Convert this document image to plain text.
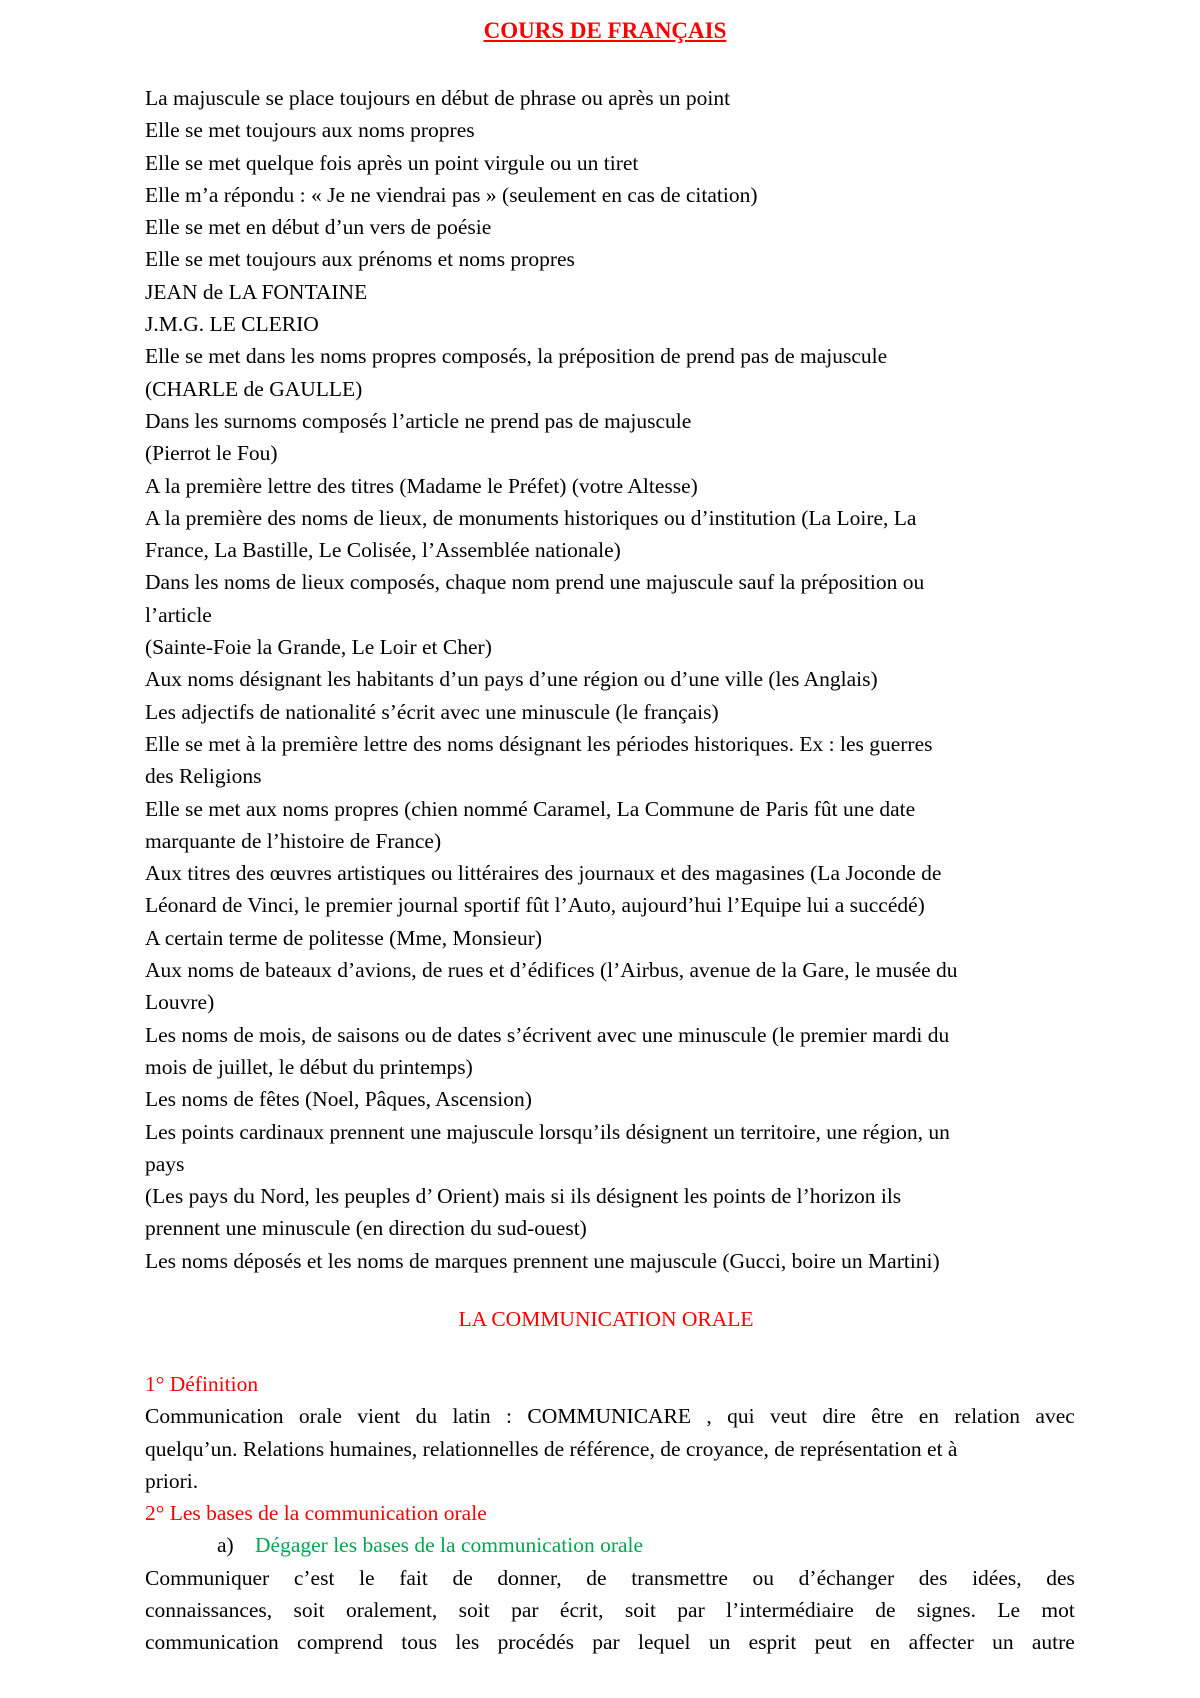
COURS DE FRANÇAIS
La majuscule se place toujours en début de phrase ou après un point
Elle se met toujours aux noms propres
Elle se met quelque fois après un point virgule ou un tiret
Elle m’a répondu : « Je ne viendrai pas » (seulement en cas de citation)
Elle se met en début d’un vers de poésie
Elle se met toujours aux prénoms et noms propres
JEAN de LA FONTAINE
J.M.G. LE CLERIO
Elle se met dans les noms propres composés, la préposition de prend pas de majuscule
(CHARLE de GAULLE)
Dans les surnoms composés l’article ne prend pas de majuscule
(Pierrot le Fou)
A la première lettre des titres (Madame le Préfet) (votre Altesse)
A la première des noms de lieux, de monuments historiques ou d’institution (La Loire, La
France, La Bastille, Le Colisée, l’Assemblée nationale)
Dans les noms de lieux composés, chaque nom prend une majuscule sauf la préposition ou
l’article
(Sainte-Foie la Grande, Le Loir et Cher)
Aux noms désignant les habitants d’un pays d’une région ou d’une ville (les Anglais)
Les adjectifs de nationalité s’écrit avec une minuscule (le français)
Elle se met à la première lettre des noms désignant les périodes historiques. Ex : les guerres
des Religions
Elle se met aux noms propres (chien nommé Caramel, La Commune de Paris fût une date
marquante de l’histoire de France)
Aux titres des œuvres artistiques ou littéraires des journaux et des magasines (La Joconde de
Léonard de Vinci, le premier journal sportif fût l’Auto, aujourd’hui l’Equipe lui a succédé)
A certain terme de politesse (Mme, Monsieur)
Aux noms de bateaux d’avions, de rues et d’édifices (l’Airbus, avenue de la Gare, le musée du
Louvre)
Les noms de mois, de saisons ou de dates s’écrivent avec une minuscule (le premier mardi du
mois de juillet, le début du printemps)
Les noms de fêtes (Noel, Pâques, Ascension)
Les points cardinaux prennent une majuscule lorsqu’ils désignent un territoire, une région, un
pays
(Les pays du Nord, les peuples d’ Orient) mais si ils désignent les points de l’horizon ils
prennent une minuscule (en direction du sud-ouest)
Les noms déposés et les noms de marques prennent une majuscule (Gucci, boire un Martini)
LA COMMUNICATION ORALE
1° Définition
Communication orale vient du latin : COMMUNICARE , qui veut dire être en relation avec
quelqu’un. Relations humaines, relationnelles de référence, de croyance, de représentation et à
priori.
2° Les bases de la communication orale
a) Dégager les bases de la communication orale
Communiquer c’est le fait de donner, de transmettre ou d’échanger des idées, des
connaissances, soit oralement, soit par écrit, soit par l’intermédiaire de signes. Le mot
communication comprend tous les procédés par lequel un esprit peut en affecter un autre
